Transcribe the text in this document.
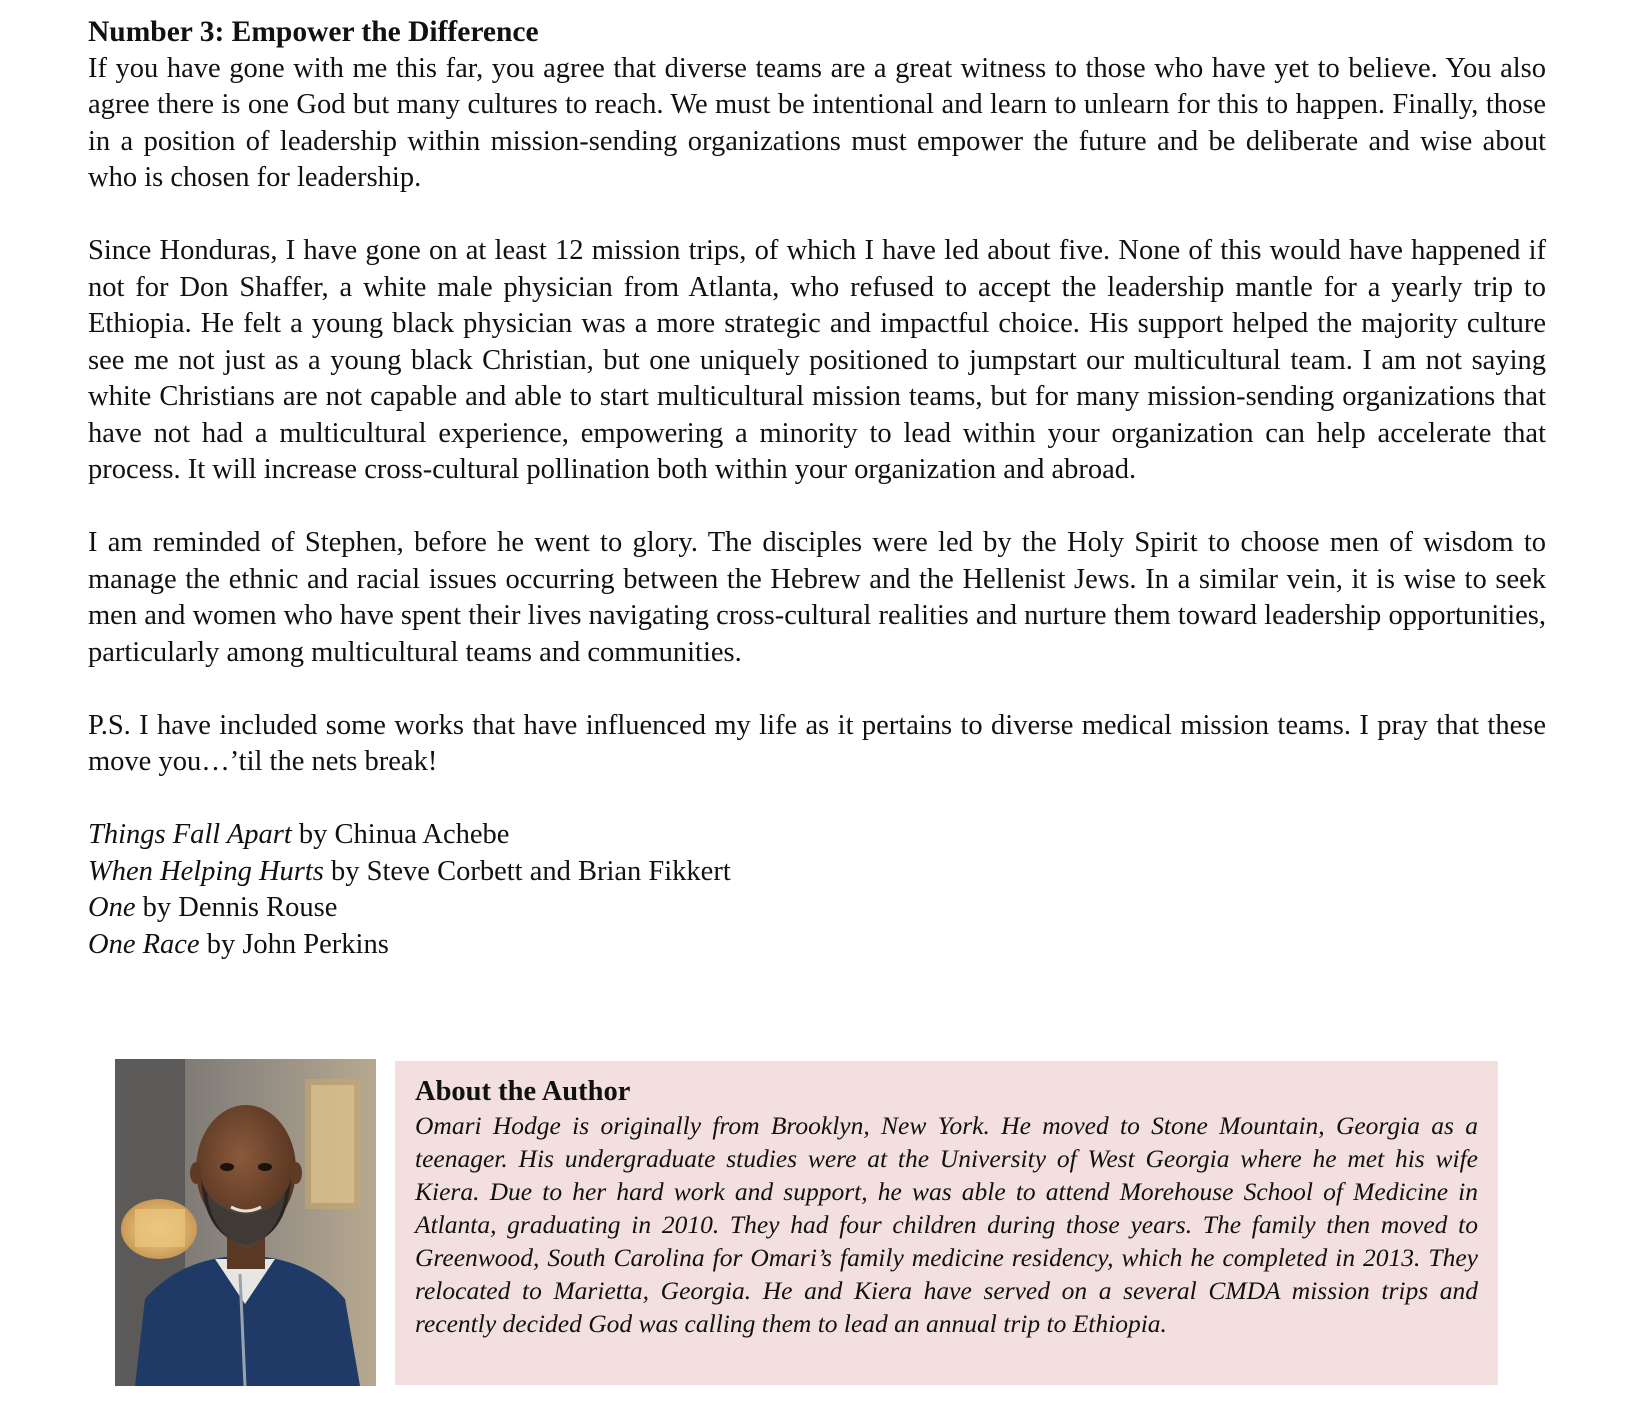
Number 3: Empower the Difference

If you have gone with me this far, you agree that diverse teams are a great witness to those who have yet to believe. You also agree there is one God but many cultures to reach. We must be intentional and learn to unlearn for this to happen. Finally, those in a position of leadership within mission-sending organizations must empower the future and be deliberate and wise about who is chosen for leadership.

Since Honduras, I have gone on at least 12 mission trips, of which I have led about five. None of this would have happened if not for Don Shaffer, a white male physician from Atlanta, who refused to accept the leadership mantle for a yearly trip to Ethiopia. He felt a young black physician was a more strategic and impactful choice. His support helped the majority culture see me not just as a young black Christian, but one uniquely positioned to jumpstart our multicultural team. I am not saying white Christians are not capable and able to start multicultural mission teams, but for many mission-sending organizations that have not had a multicultural experience, empowering a minority to lead within your organization can help accelerate that process. It will increase cross-cultural pollination both within your organization and abroad.

I am reminded of Stephen, before he went to glory. The disciples were led by the Holy Spirit to choose men of wisdom to manage the ethnic and racial issues occurring between the Hebrew and the Hellenist Jews. In a similar vein, it is wise to seek men and women who have spent their lives navigating cross-cultural realities and nurture them toward leadership opportunities, particularly among multicultural teams and communities.

P.S. I have included some works that have influenced my life as it pertains to diverse medical mission teams. I pray that these move you…’til the nets break!

Things Fall Apart by Chinua Achebe
When Helping Hurts by Steve Corbett and Brian Fikkert
One by Dennis Rouse
One Race by John Perkins
About the Author

Omari Hodge is originally from Brooklyn, New York. He moved to Stone Mountain, Georgia as a teenager. His undergraduate studies were at the University of West Georgia where he met his wife Kiera. Due to her hard work and support, he was able to attend Morehouse School of Medicine in Atlanta, graduating in 2010. They had four children during those years. The family then moved to Greenwood, South Carolina for Omari’s family medicine residency, which he completed in 2013. They relocated to Marietta, Georgia. He and Kiera have served on a several CMDA mission trips and recently decided God was calling them to lead an annual trip to Ethiopia.
